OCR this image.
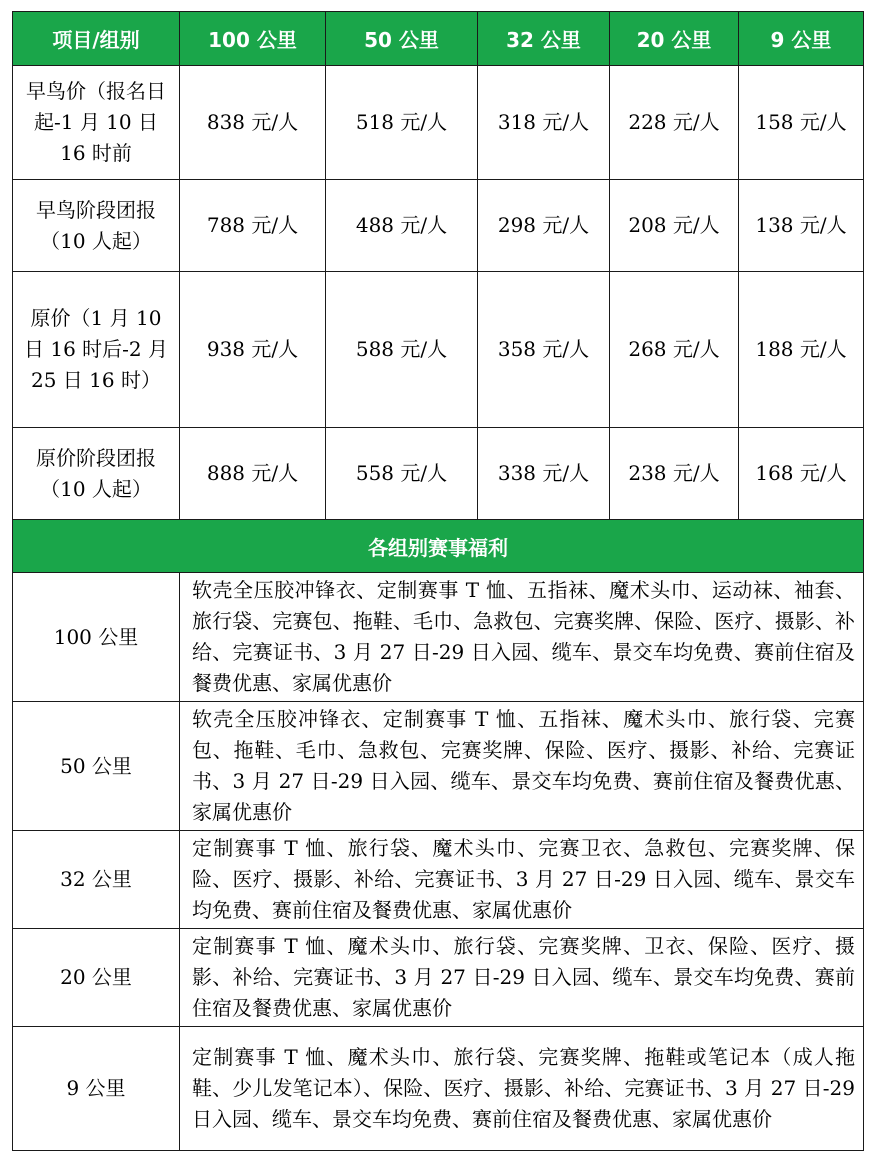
项目/组别	100 公里	50 公里	32 公里	20 公里	9 公里
早鸟价（报名日起-1 月 10 日 16 时前	838 元/人	518 元/人	318 元/人	228 元/人	158 元/人
早鸟阶段团报（10 人起）	788 元/人	488 元/人	298 元/人	208 元/人	138 元/人
原价（1 月 10 日 16 时后-2 月 25 日 16 时）	938 元/人	588 元/人	358 元/人	268 元/人	188 元/人
原价阶段团报（10 人起）	888 元/人	558 元/人	338 元/人	238 元/人	168 元/人
各组别赛事福利					
100 公里	软壳全压胶冲锋衣、定制赛事 T 恤、五指袜、魔术头巾、运动袜、袖套、旅行袋、完赛包、拖鞋、毛巾、急救包、完赛奖牌、保险、医疗、摄影、补给、完赛证书、3 月 27 日-29 日入园、缆车、景交车均免费、赛前住宿及餐费优惠、家属优惠价				
50 公里	软壳全压胶冲锋衣、定制赛事 T 恤、五指袜、魔术头巾、旅行袋、完赛包、拖鞋、毛巾、急救包、完赛奖牌、保险、医疗、摄影、补给、完赛证书、3 月 27 日-29 日入园、缆车、景交车均免费、赛前住宿及餐费优惠、家属优惠价				
32 公里	定制赛事 T 恤、旅行袋、魔术头巾、完赛卫衣、急救包、完赛奖牌、保险、医疗、摄影、补给、完赛证书、3 月 27 日-29 日入园、缆车、景交车均免费、赛前住宿及餐费优惠、家属优惠价				
20 公里	定制赛事 T 恤、魔术头巾、旅行袋、完赛奖牌、卫衣、保险、医疗、摄影、补给、完赛证书、3 月 27 日-29 日入园、缆车、景交车均免费、赛前住宿及餐费优惠、家属优惠价				
9 公里	定制赛事 T 恤、魔术头巾、旅行袋、完赛奖牌、拖鞋或笔记本（成人拖鞋、少儿发笔记本）、保险、医疗、摄影、补给、完赛证书、3 月 27 日-29 日入园、缆车、景交车均免费、赛前住宿及餐费优惠、家属优惠价				
